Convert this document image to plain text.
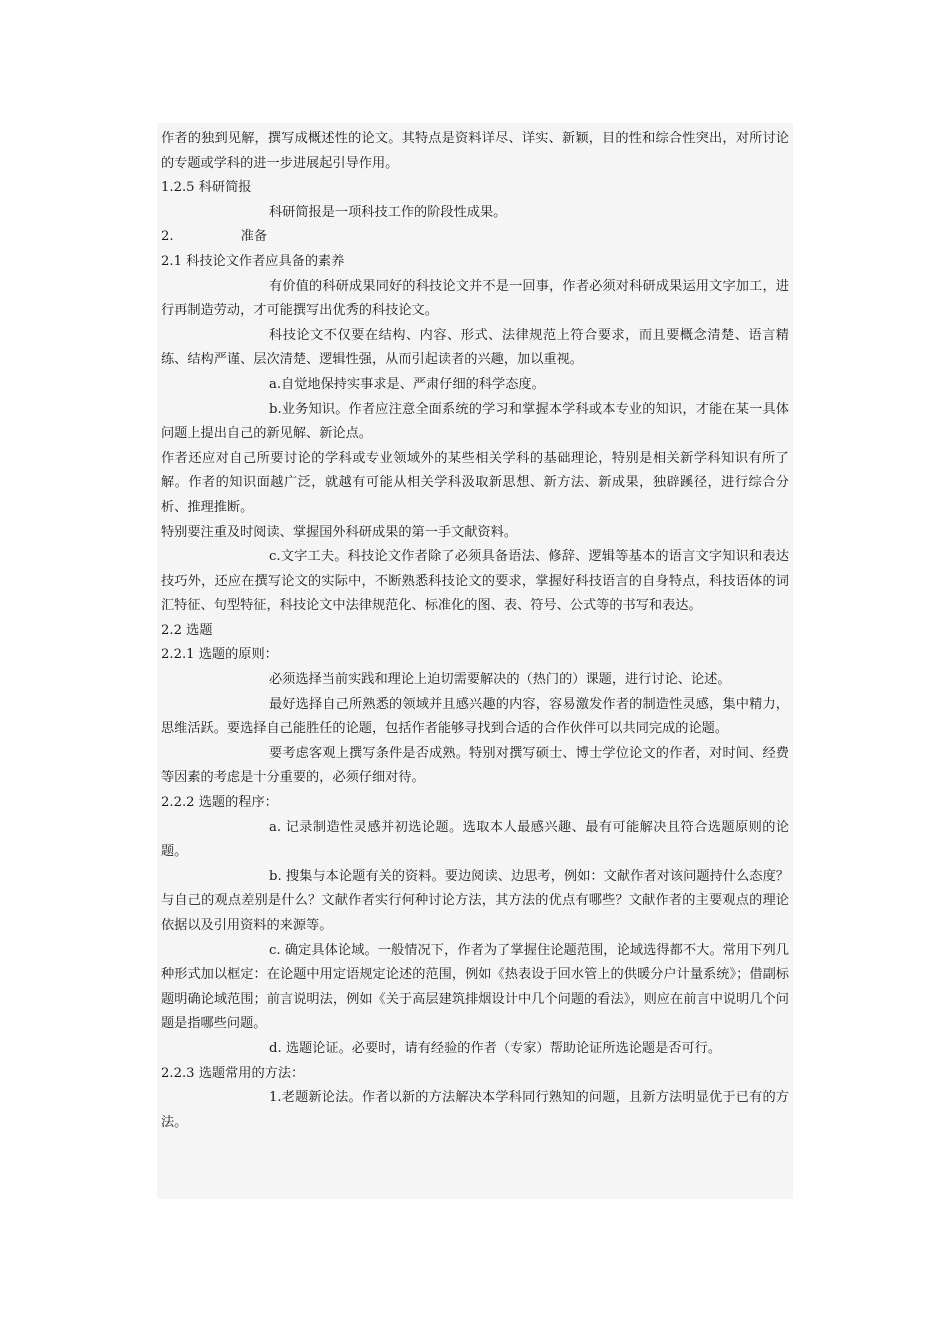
作者的独到见解，撰写成概述性的论文。其特点是资料详尽、详实、新颖，目的性和综合性突出，对所讨论的专题或学科的进一步进展起引导作用。

1.2.5 科研简报

科研简报是一项科技工作的阶段性成果。

2.                准备

2.1 科技论文作者应具备的素养

有价值的科研成果同好的科技论文并不是一回事，作者必须对科研成果运用文字加工，进行再制造劳动，才可能撰写出优秀的科技论文。

科技论文不仅要在结构、内容、形式、法律规范上符合要求，而且要概念清楚、语言精练、结构严谨、层次清楚、逻辑性强，从而引起读者的兴趣，加以重视。

a.自觉地保持实事求是、严肃仔细的科学态度。

b.业务知识。作者应注意全面系统的学习和掌握本学科或本专业的知识，才能在某一具体问题上提出自己的新见解、新论点。

作者还应对自己所要讨论的学科或专业领域外的某些相关学科的基础理论，特别是相关新学科知识有所了解。作者的知识面越广泛，就越有可能从相关学科汲取新思想、新方法、新成果，独辟蹊径，进行综合分析、推理推断。

特别要注重及时阅读、掌握国外科研成果的第一手文献资料。

c.文字工夫。科技论文作者除了必须具备语法、修辞、逻辑等基本的语言文字知识和表达技巧外，还应在撰写论文的实际中，不断熟悉科技论文的要求，掌握好科技语言的自身特点，科技语体的词汇特征、句型特征，科技论文中法律规范化、标准化的图、表、符号、公式等的书写和表达。

2.2 选题

2.2.1 选题的原则：

必须选择当前实践和理论上迫切需要解决的（热门的）课题，进行讨论、论述。

最好选择自己所熟悉的领域并且感兴趣的内容，容易激发作者的制造性灵感，集中精力，思维活跃。要选择自己能胜任的论题，包括作者能够寻找到合适的合作伙伴可以共同完成的论题。

要考虑客观上撰写条件是否成熟。特别对撰写硕士、博士学位论文的作者，对时间、经费等因素的考虑是十分重要的，必须仔细对待。

2.2.2 选题的程序：

a. 记录制造性灵感并初选论题。选取本人最感兴趣、最有可能解决且符合选题原则的论题。

b. 搜集与本论题有关的资料。要边阅读、边思考，例如：文献作者对该问题持什么态度？与自己的观点差别是什么？文献作者实行何种讨论方法，其方法的优点有哪些？文献作者的主要观点的理论依据以及引用资料的来源等。

c. 确定具体论域。一般情况下，作者为了掌握住论题范围，论域选得都不大。常用下列几种形式加以框定：在论题中用定语规定论述的范围，例如《热表设于回水管上的供暖分户计量系统》；借副标题明确论域范围；前言说明法，例如《关于高层建筑排烟设计中几个问题的看法》，则应在前言中说明几个问题是指哪些问题。

d. 选题论证。必要时，请有经验的作者（专家）帮助论证所选论题是否可行。

2.2.3 选题常用的方法：

1.老题新论法。作者以新的方法解决本学科同行熟知的问题，且新方法明显优于已有的方法。
